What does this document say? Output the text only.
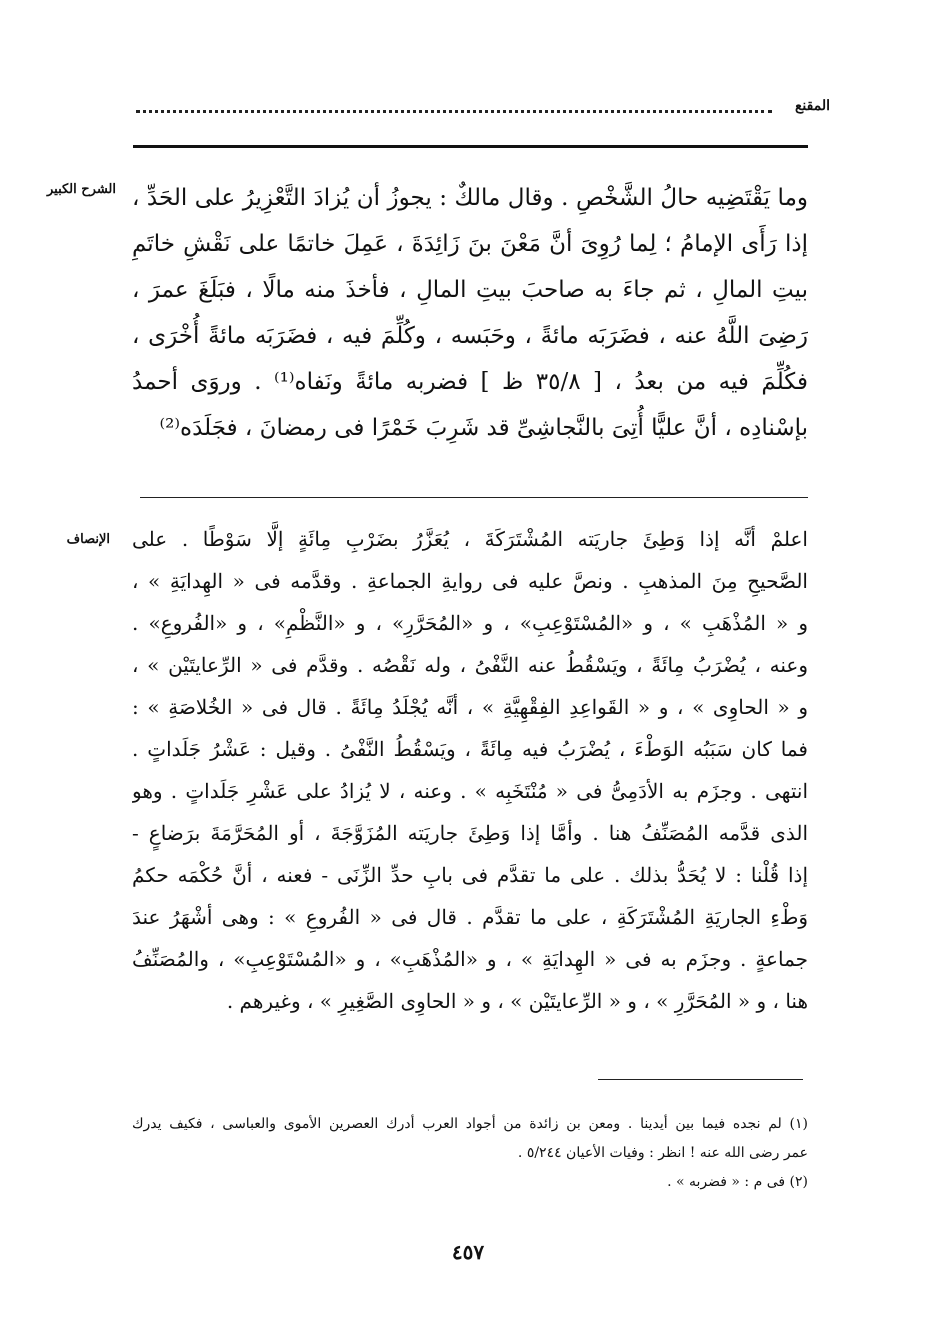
المقنع
الشرح الكبير وما يَقْتَضِيه حالُ الشَّخْصِ . وقال مالكٌ : يجوزُ أن يُزادَ التَّعْزِيرُ على الحَدِّ ،
إذا رَأَى الإمامُ ؛ لِما رُوِىَ أنَّ مَعْنَ بنَ زَائِدَةَ ، عَمِلَ خاتمًا على نَقْشِ خاتَمِ
بيتِ المالِ ، ثم جاءَ به صاحبَ بيتِ المالِ ، فأخذَ منه مالًا ، فبَلَغَ عمرَ ،
رَضِىَ اللَّهُ عنه ، فضَرَبَه مائةً ، وحَبَسه ، وكُلِّمَ فيه ، فضَرَبَه مائةً أُخْرَى ،
فكُلِّمَ فيه من بعدُ ، [ ٣٥/٨ ظ ] فضربه مائةً ونَفاه⁽¹⁾ . وروَى أحمدُ
بإسْنادِه ، أنَّ عليًّا أُتِىَ بالنَّجاشِىِّ قد شَرِبَ خَمْرًا فى رمضانَ ، فجَلَدَه⁽²⁾
الإنصاف اعلمْ أنَّه إذا وَطِئَ جاريَته المُشْتَرَكَةَ ، يُعَزَّرُ بضَرْبِ مِائَةٍ إلَّا سَوْطًا . على
الصَّحيحِ مِنَ المذهبِ . ونصَّ عليه فى روايةِ الجماعةِ . وقدَّمه فى « الهِدايَةِ » ،
و « المُذْهَبِ » ، و «المُسْتَوْعِبِ» ، و «المُحَرَّرِ» ، و «النَّظْمِ» ، و «الفُروعِ» .
وعنه ، يُضْرَبُ مِائَةً ، ويَسْقُطُ عنه النَّفْىُ ، وله نَقْصُه . وقدَّم فى « الرِّعايتَيْن » ،
و « الحاوِى » ، و « القَواعِدِ الفِقْهِيَّةِ » ، أنَّه يُجْلَدُ مِائَةً . قال فى « الخُلاصَةِ » :
فما كان سَبَبُه الوَطْءَ ، يُضْرَبُ فيه مِائَةً ، ويَسْقُطُ النَّفْىُ . وقيل : عَشْرُ جَلَداتٍ .
انتهى . وجزَم به الأدَمِىُّ فى « مُنْتَخَبِه » . وعنه ، لا يُزادُ على عَشْرِ جَلَداتٍ . وهو
الذى قدَّمه المُصَنِّفُ هنا . وأمَّا إذا وَطِئَ جاريَته المُزَوَّجَةَ ، أو المُحَرَّمَةَ برَضاعٍ -
إذا قُلْنا : لا يُحَدُّ بذلك . على ما تقدَّم فى بابِ حدِّ الزِّنَى - فعنه ، أنَّ حُكْمَه حكمُ
وَطْءِ الجاريَةِ المُشْتَرَكَةِ ، على ما تقدَّم . قال فى « الفُروعِ » : وهى أشْهَرُ عندَ
جماعةٍ . وجزَم به فى « الهِدايَةِ » ، و «المُذْهَبِ» ، و «المُسْتَوْعِبِ» ، والمُصَنِّفُ
هنا ، و « المُحَرَّرِ » ، و « الرِّعايتَيْن » ، و « الحاوِى الصَّغِيرِ » ، وغيرهم .
(١) لم نجده فيما بين أيدينا . ومعن بن زائدة من أجواد العرب أدرك العصرين الأموى والعباسى ، فكيف يدرك
عمر رضى الله عنه ! انظر : وفيات الأعيان ٥/٢٤٤ .
(٢) فى م : « فضربه » .
٤٥٧
